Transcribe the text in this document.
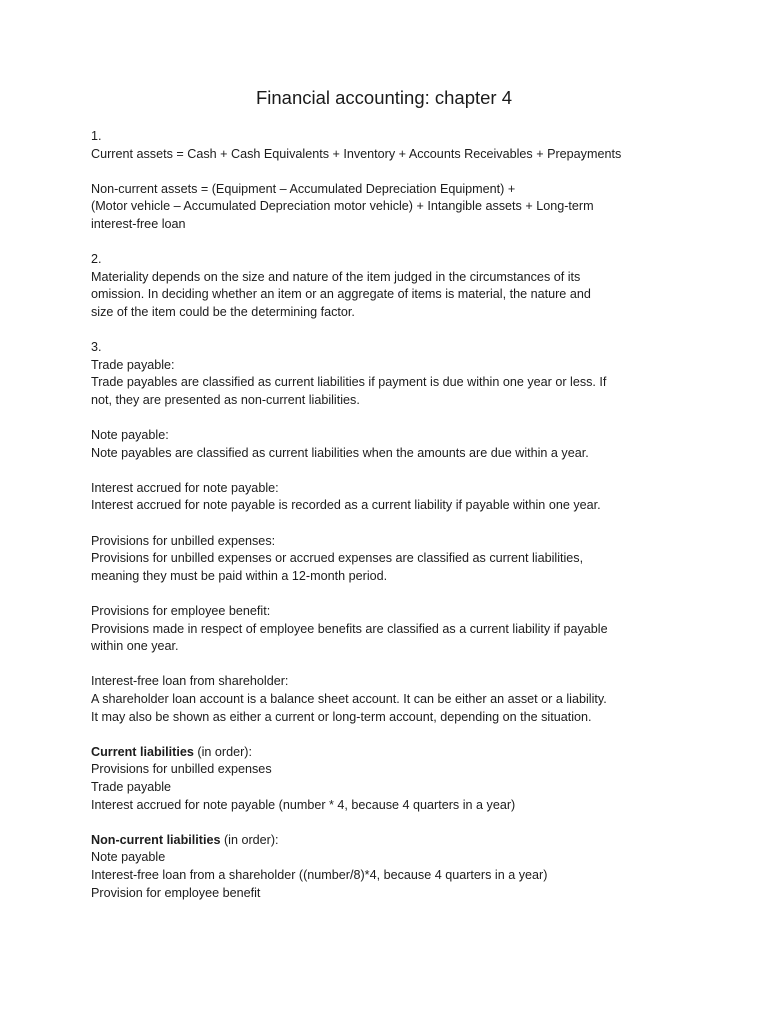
Financial accounting: chapter 4

1.

Current assets = Cash + Cash Equivalents + Inventory + Accounts Receivables + Prepayments

Non-current assets = (Equipment – Accumulated Depreciation Equipment) +

(Motor vehicle – Accumulated Depreciation motor vehicle) + Intangible assets + Long-term

interest-free loan

2.

Materiality depends on the size and nature of the item judged in the circumstances of its

omission. In deciding whether an item or an aggregate of items is material, the nature and

size of the item could be the determining factor.

3.

Trade payable:

Trade payables are classified as current liabilities if payment is due within one year or less. If

not, they are presented as non-current liabilities.

Note payable:

Note payables are classified as current liabilities when the amounts are due within a year.

Interest accrued for note payable:

Interest accrued for note payable is recorded as a current liability if payable within one year.

Provisions for unbilled expenses:

Provisions for unbilled expenses or accrued expenses are classified as current liabilities,

meaning they must be paid within a 12-month period.

Provisions for employee benefit:

Provisions made in respect of employee benefits are classified as a current liability if payable

within one year.

Interest-free loan from shareholder:

A shareholder loan account is a balance sheet account. It can be either an asset or a liability.

It may also be shown as either a current or long-term account, depending on the situation.

Current liabilities (in order):

Provisions for unbilled expenses

Trade payable

Interest accrued for note payable (number * 4, because 4 quarters in a year)

Non-current liabilities (in order):

Note payable

Interest-free loan from a shareholder ((number/8)*4, because 4 quarters in a year)

Provision for employee benefit
